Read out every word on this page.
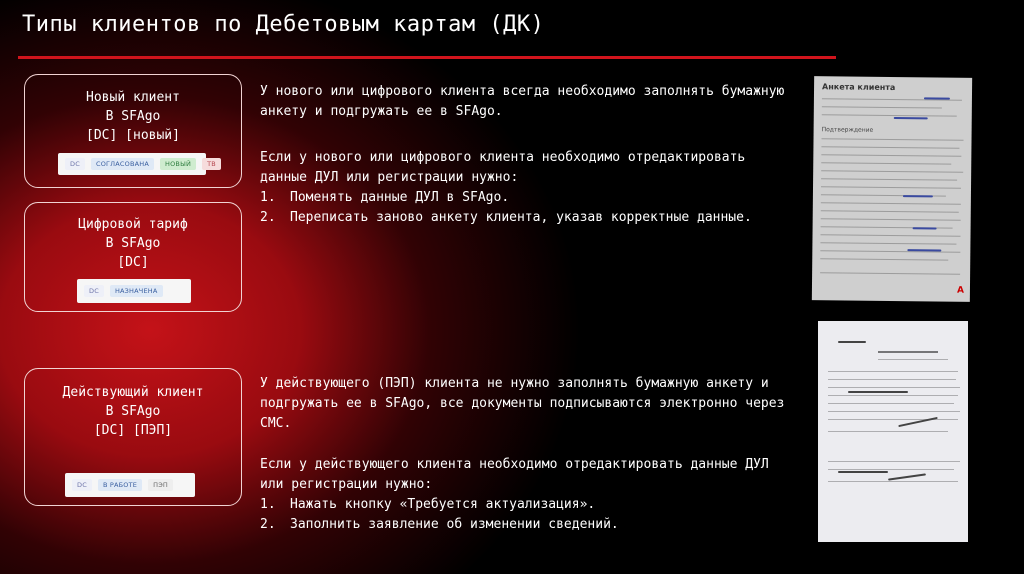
Типы клиентов по Дебетовым картам (ДК)
Новый клиент
В SFAgo
[DC] [новый]
DC	СОГЛАСОВАНА	НОВЫЙ	ТВ
Цифровой тариф
В SFAgo
[DC]
DC	НАЗНАЧЕНА
Действующий клиент
В SFAgo
[DC] [ПЭП]
DC	В РАБОТЕ	ПЭП

У нового или цифрового клиента всегда необходимо заполнять бумажную анкету и подгружать ее в SFAgo.

Если у нового или цифрового клиента необходимо отредактировать данные ДУЛ или регистрации нужно:

1. Поменять данные ДУЛ в SFAgo.
2. Переписать заново анкету клиента, указав корректные данные.

У действующего (ПЭП) клиента не нужно заполнять бумажную анкету и подгружать ее в SFAgo, все документы подписываются электронно через СМС.

Если у действующего клиента необходимо отредактировать данные ДУЛ или регистрации нужно:

1. Нажать кнопку «Требуется актуализация».
2. Заполнить заявление об изменении сведений.
Анкета клиента
Подтверждение
A
